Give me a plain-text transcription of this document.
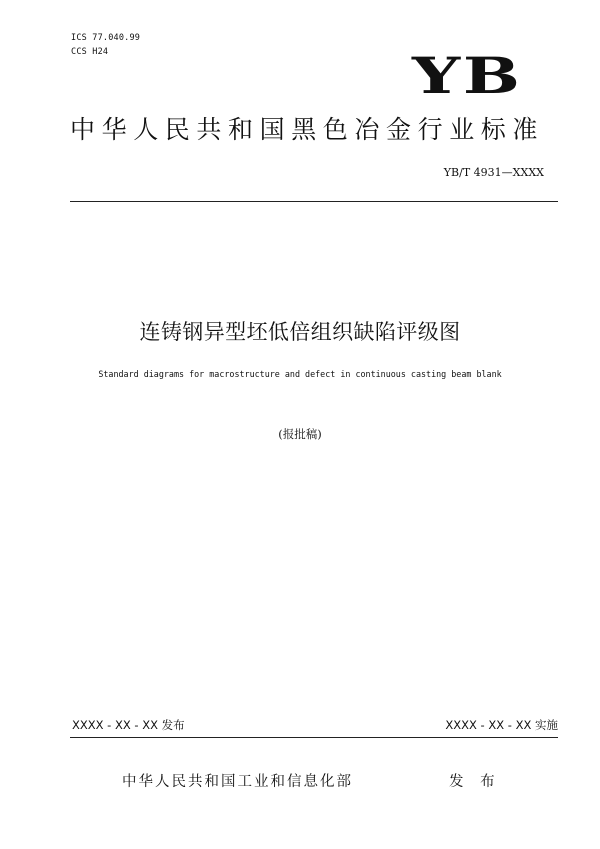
ICS 77.040.99
CCS H24	YB
中华人民共和国黑色冶金行业标准
YB/T 4931—XXXX
连铸钢异型坯低倍组织缺陷评级图
Standard diagrams for macrostructure and defect in continuous casting beam blank
(报批稿)
XXXX - XX - XX 发布	XXXX - XX - XX 实施
中华人民共和国工业和信息化部	发 布
